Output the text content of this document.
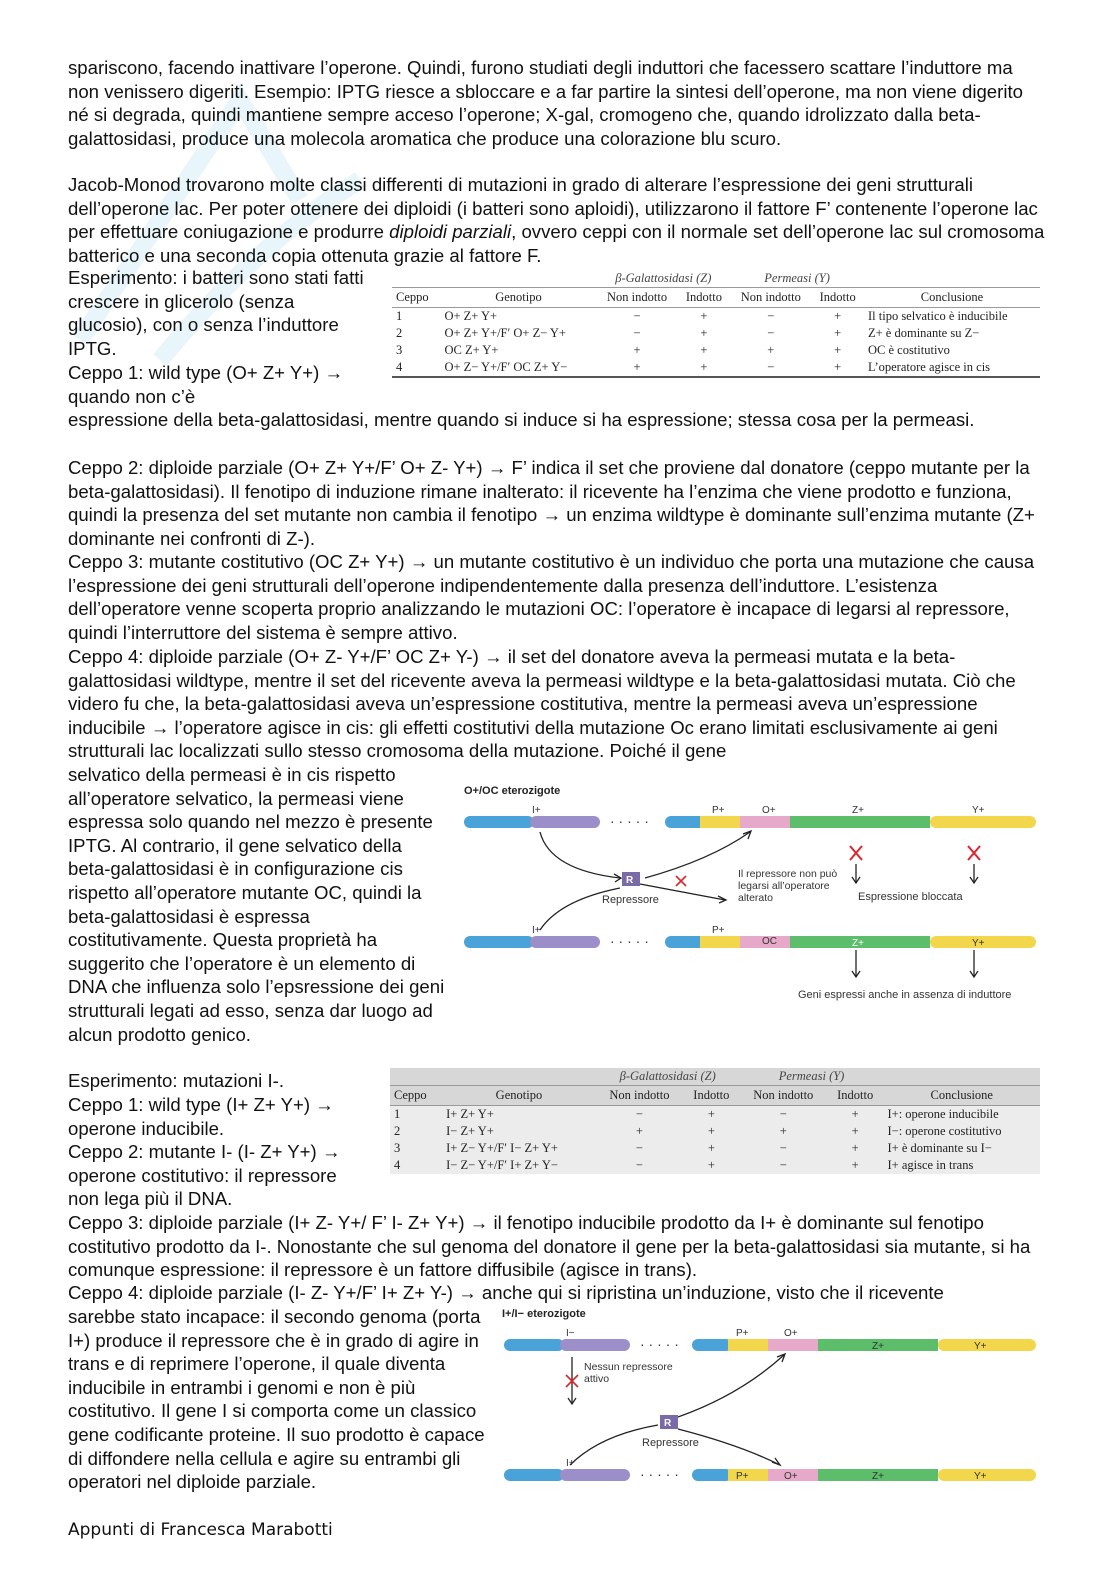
spariscono, facendo inattivare l’operone. Quindi, furono studiati degli induttori che facessero scattare l’induttore ma non venissero digeriti. Esempio: IPTG riesce a sbloccare e a far partire la sintesi dell’operone, ma non viene digerito né si degrada, quindi mantiene sempre acceso l’operone; X-gal, cromogeno che, quando idrolizzato dalla beta-galattosidasi, produce una molecola aromatica che produce una colorazione blu scuro.

Jacob-Monod trovarono molte classi differenti di mutazioni in grado di alterare l’espressione dei geni strutturali dell’operone lac. Per poter ottenere dei diploidi (i batteri sono aploidi), utilizzarono il fattore F’ contenente l’operone lac per effettuare coniugazione e produrre diploidi parziali, ovvero ceppi con il normale set dell’operone lac sul cromosoma batterico e una seconda copia ottenuta grazie al fattore F.

Esperimento: i batteri sono stati fatti crescere in glicerolo (senza glucosio), con o senza l’induttore IPTG.

Ceppo 1: wild type (O+ Z+ Y+) → quando non c’è

espressione della beta-galattosidasi, mentre quando si induce si ha espressione; stessa cosa per la permeasi.

Ceppo 2: diploide parziale (O+ Z+ Y+/F’ O+ Z- Y+) → F’ indica il set che proviene dal donatore (ceppo mutante per la beta-galattosidasi). Il fenotipo di induzione rimane inalterato: il ricevente ha l’enzima che viene prodotto e funziona, quindi la presenza del set mutante non cambia il fenotipo → un enzima wildtype è dominante sull’enzima mutante (Z+ dominante nei confronti di Z-).

Ceppo 3: mutante costitutivo (OC Z+ Y+) → un mutante costitutivo è un individuo che porta una mutazione che causa l’espressione dei geni strutturali dell’operone indipendentemente dalla presenza dell’induttore. L’esistenza dell’operatore venne scoperta proprio analizzando le mutazioni OC: l’operatore è incapace di legarsi al repressore, quindi l’interruttore del sistema è sempre attivo.

Ceppo 4: diploide parziale (O+ Z- Y+/F’ OC Z+ Y-) → il set del donatore aveva la permeasi mutata e la beta-galattosidasi wildtype, mentre il set del ricevente aveva la permeasi wildtype e la beta-galattosidasi mutata. Ciò che videro fu che, la beta-galattosidasi aveva un’espressione costitutiva, mentre la permeasi aveva un’espressione inducibile → l’operatore agisce in cis: gli effetti costitutivi della mutazione Oc erano limitati esclusivamente ai geni strutturali lac localizzati sullo stesso cromosoma della mutazione. Poiché il gene

selvatico della permeasi è in cis rispetto all’operatore selvatico, la permeasi viene espressa solo quando nel mezzo è presente IPTG. Al contrario, il gene selvatico della beta-galattosidasi è in configurazione cis rispetto all’operatore mutante OC, quindi la beta-galattosidasi è espressa costitutivamente. Questa proprietà ha suggerito che l’operatore è un elemento di DNA che influenza solo l’epsressione dei geni strutturali legati ad esso, senza dar luogo ad alcun prodotto genico.

Esperimento: mutazioni I-.

Ceppo 1: wild type (I+ Z+ Y+) → operone inducibile.

Ceppo 2: mutante I- (I- Z+ Y+) → operone costitutivo: il repressore non lega più il DNA.

Ceppo 3: diploide parziale (I+ Z- Y+/ F’ I- Z+ Y+) → il fenotipo inducibile prodotto da I+ è dominante sul fenotipo costitutivo prodotto da I-. Nonostante che sul genoma del donatore il gene per la beta-galattosidasi sia mutante, si ha comunque espressione: il repressore è un fattore diffusibile (agisce in trans).

Ceppo 4: diploide parziale (I- Z- Y+/F’ I+ Z+ Y-) → anche qui si ripristina un’induzione, visto che il ricevente

sarebbe stato incapace: il secondo genoma (porta I+) produce il repressore che è in grado di agire in trans e di reprimere l’operone, il quale diventa inducibile in entrambi i genomi e non è più costitutivo. Il gene I si comporta come un classico gene codificante proteine. Il suo prodotto è capace di diffondere nella cellula e agire su entrambi gli operatori nel diploide parziale.

		β-Galattosidasi (Z)		Permeasi (Y)		
Ceppo	Genotipo	Non indotto	Indotto	Non indotto	Indotto	Conclusione
1	O+ Z+ Y+	−	+	−	+	Il tipo selvatico è inducibile
2	O+ Z+ Y+/F′ O+ Z− Y+	−	+	−	+	Z+ è dominante su Z−
3	OC Z+ Y+	+	+	+	+	OC è costitutivo
4	O+ Z− Y+/F′ OC Z+ Y−	+	+	−	+	L’operatore agisce in cis
		β-Galattosidasi (Z)		Permeasi (Y)		
Ceppo	Genotipo	Non indotto	Indotto	Non indotto	Indotto	Conclusione
1	I+ Z+ Y+	−	+	−	+	I+: operone inducibile
2	I− Z+ Y+	+	+	+	+	I−: operone costitutivo
3	I+ Z− Y+/F′ I− Z+ Y+	−	+	−	+	I+ è dominante su I−
4	I− Z− Y+/F′ I+ Z+ Y−	−	+	−	+	I+ agisce in trans
O+/OC eterozigote
· · · · ·
I+	P+	O+	Z+	Y+
R
Repressore
Il repressore non può legarsi all’operatore alterato	Espressione bloccata
· · · · ·
I+	P+
OC	Z+	Y+
Geni espressi anche in assenza di induttore
I+/I− eterozigote
· · · · ·
I−	P+	O+
Z+	Y+
Nessun repressore attivo
R
Repressore
· · · · ·
I+
P+	O+	Z+	Y+
Appunti di Francesca Marabotti
